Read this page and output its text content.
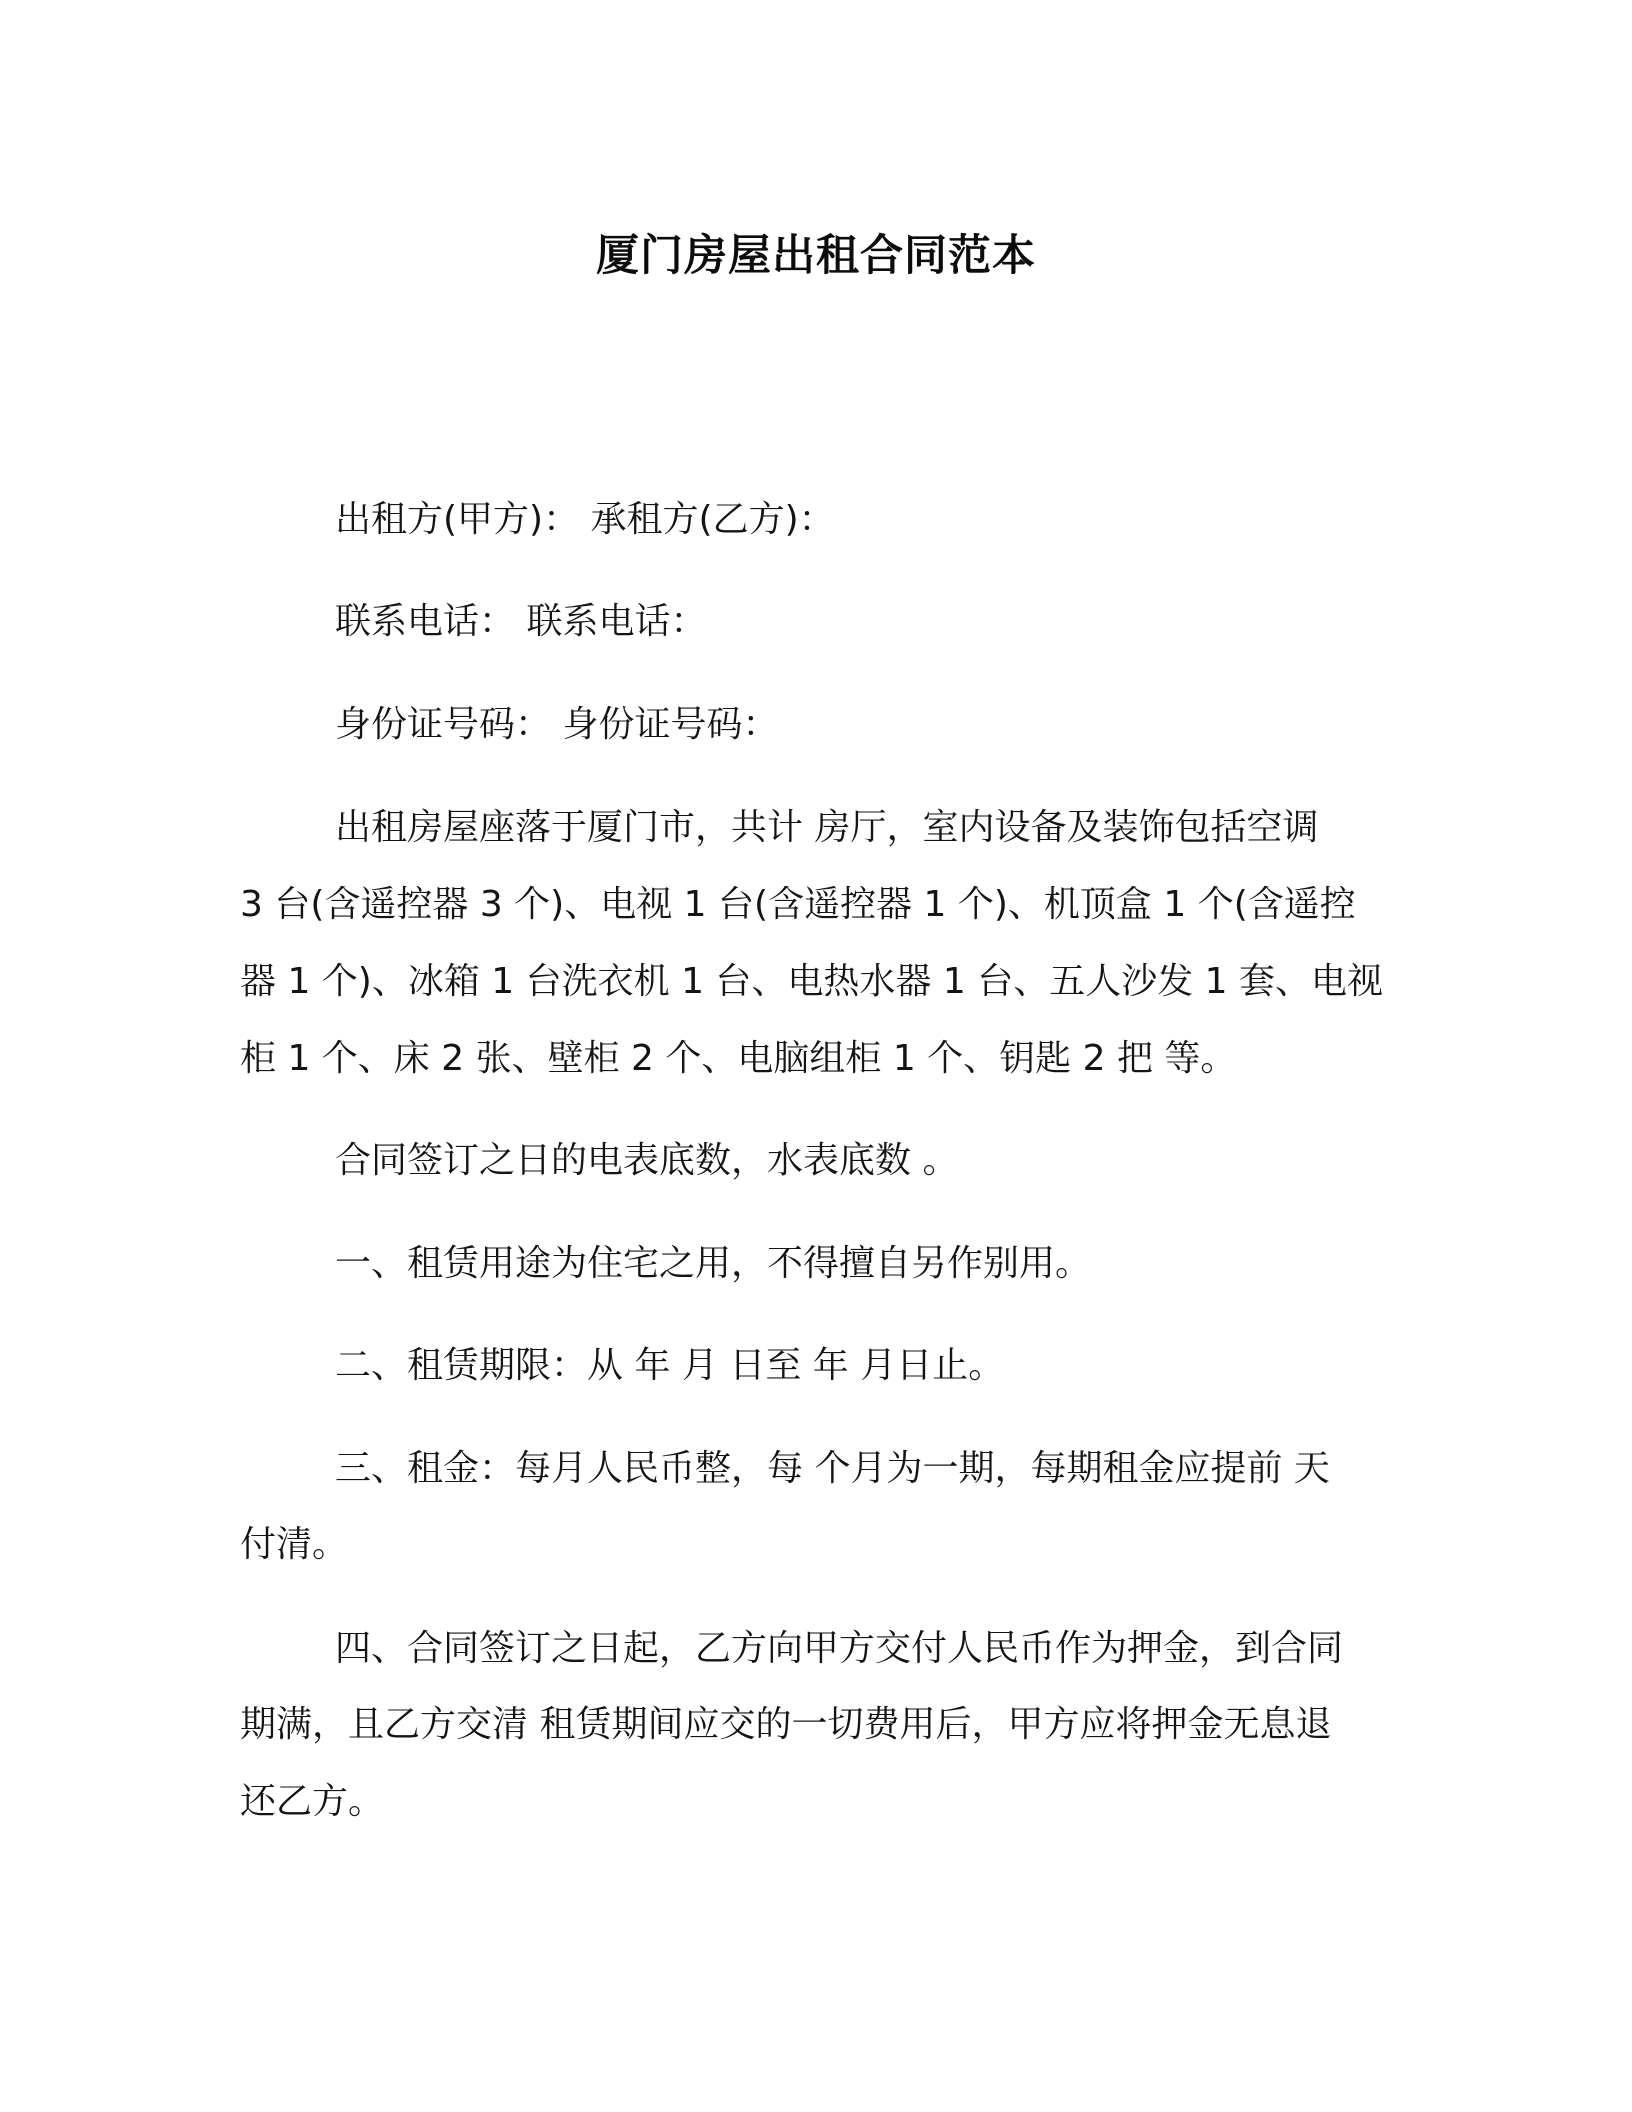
厦门房屋出租合同范本
出租方(甲方)： 承租方(乙方)：
联系电话： 联系电话：
身份证号码： 身份证号码：
出租房屋座落于厦门市，共计 房厅，室内设备及装饰包括空调
3 台(含遥控器 3 个)、电视 1 台(含遥控器 1 个)、机顶盒 1 个(含遥控
器 1 个)、冰箱 1 台洗衣机 1 台、电热水器 1 台、五人沙发 1 套、电视
柜 1 个、床 2 张、壁柜 2 个、电脑组柜 1 个、钥匙 2 把 等。
合同签订之日的电表底数，水表底数 。
一、租赁用途为住宅之用，不得擅自另作别用。
二、租赁期限：从 年 月 日至 年 月日止。
三、租金：每月人民币整，每 个月为一期，每期租金应提前 天
付清。
四、合同签订之日起，乙方向甲方交付人民币作为押金，到合同
期满，且乙方交清 租赁期间应交的一切费用后，甲方应将押金无息退
还乙方。
